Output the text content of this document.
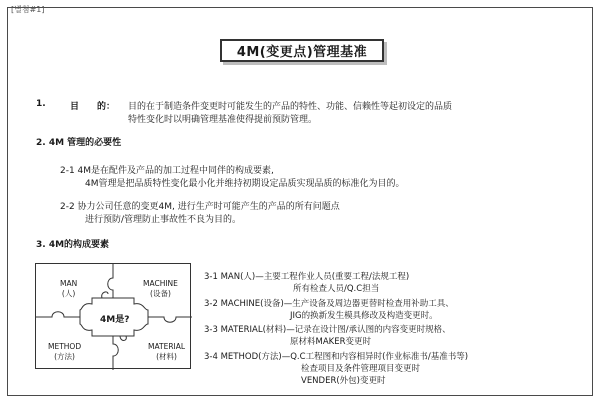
[별첨#1]
4M(变更点)管理基准
1.	目　　的： 目的在于制造条件变更时可能发生的产品的特性、功能、信赖性等起初设定的品质
特性变化时以明确管理基准使得提前预防管理。
2. 4M 管理的必要性
2-1 4M是在配件及产品的加工过程中同伴的构成要素,
4M管理是把品质特性变化最小化并维持初期设定品质实现品质的标准化为目的。
2-2 协力公司任意的变更4M, 进行生产时可能产生的产品的所有问题点
进行预防/管理防止事故性不良为目的。
3. 4M的构成要素
MAN
(人)
MACHINE
(设备)
METHOD
(方法)
MATERIAL
(材料)
4M是?
3-1 MAN(人)—主要工程作业人员(重要工程/法规工程)
所有检查人员/Q.C担当
3-2 MACHINE(设备)—生产设备及周边器更替时检查用补助工具、
JIG的换新发生模具修改及构造变更时。
3-3 MATERIAL(材料)—记录在设计图/承认图的内容变更时规格、
原材料MAKER变更时
3-4 METHOD(方法)—Q.C工程图和内容相异时(作业标准书/基准书等)
检查项目及条件管理项目变更时
VENDER(外包)变更时
